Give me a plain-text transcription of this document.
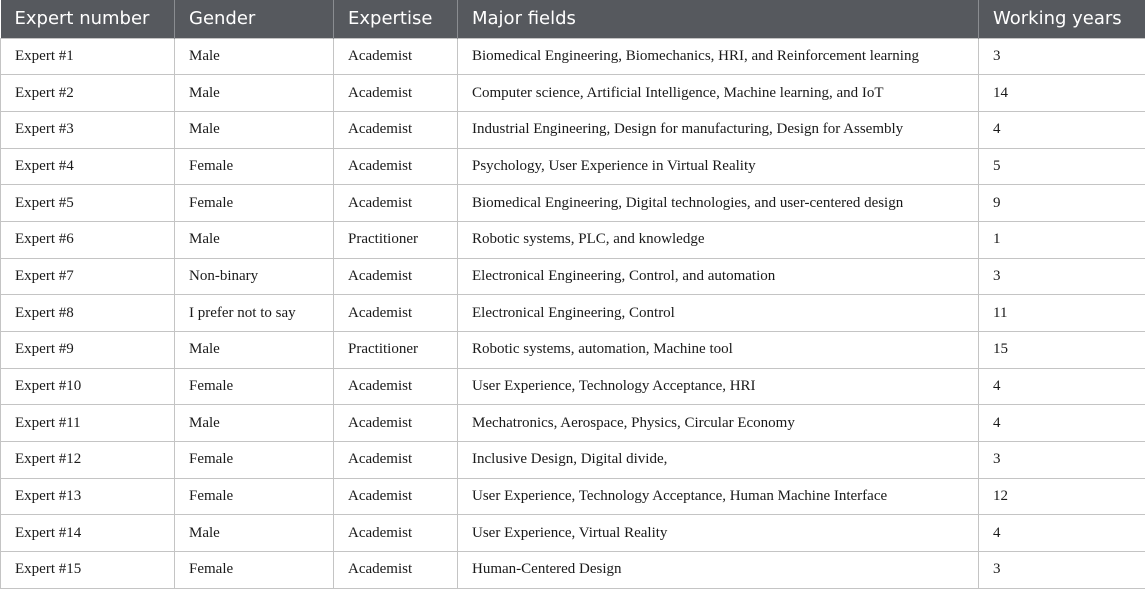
Expert number	Gender	Expertise	Major fields	Working years
Expert #1	Male	Academist	Biomedical Engineering, Biomechanics, HRI, and Reinforcement learning	3
Expert #2	Male	Academist	Computer science, Artificial Intelligence, Machine learning, and IoT	14
Expert #3	Male	Academist	Industrial Engineering, Design for manufacturing, Design for Assembly	4
Expert #4	Female	Academist	Psychology, User Experience in Virtual Reality	5
Expert #5	Female	Academist	Biomedical Engineering, Digital technologies, and user-centered design	9
Expert #6	Male	Practitioner	Robotic systems, PLC, and knowledge	1
Expert #7	Non-binary	Academist	Electronical Engineering, Control, and automation	3
Expert #8	I prefer not to say	Academist	Electronical Engineering, Control	11
Expert #9	Male	Practitioner	Robotic systems, automation, Machine tool	15
Expert #10	Female	Academist	User Experience, Technology Acceptance, HRI	4
Expert #11	Male	Academist	Mechatronics, Aerospace, Physics, Circular Economy	4
Expert #12	Female	Academist	Inclusive Design, Digital divide,	3
Expert #13	Female	Academist	User Experience, Technology Acceptance, Human Machine Interface	12
Expert #14	Male	Academist	User Experience, Virtual Reality	4
Expert #15	Female	Academist	Human-Centered Design	3
